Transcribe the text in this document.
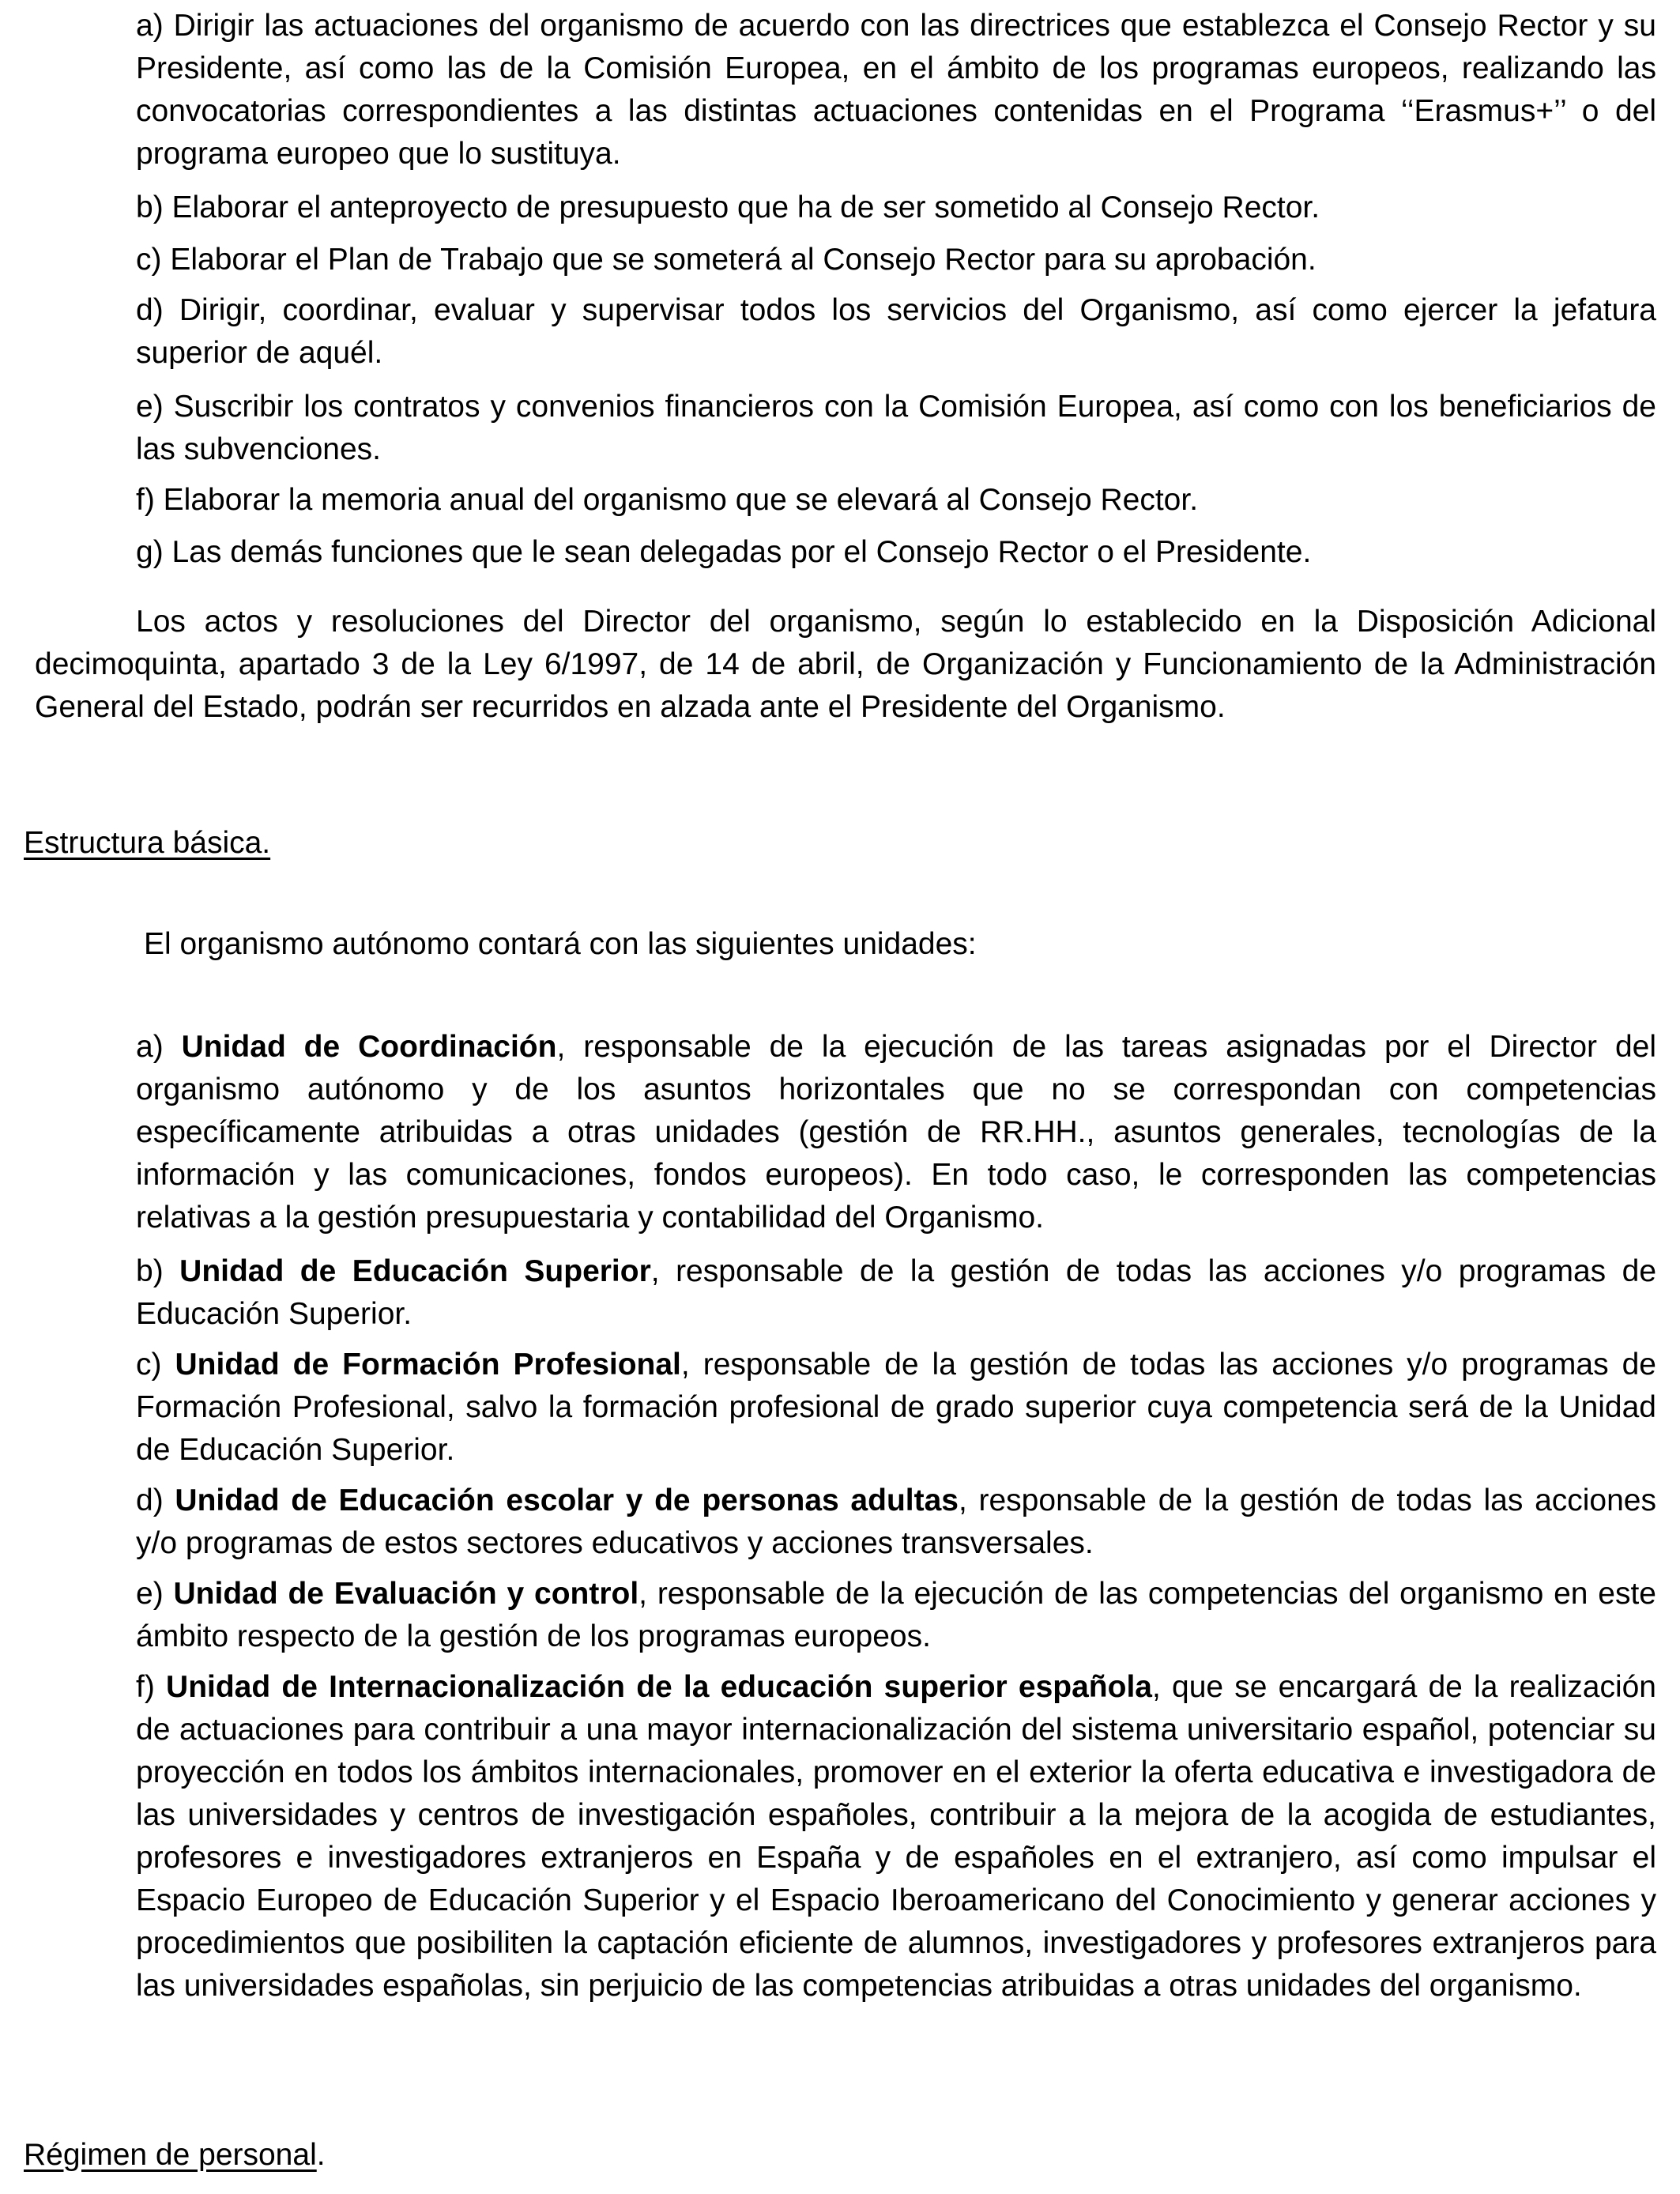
a) Dirigir las actuaciones del organismo de acuerdo con las directrices que establezca el Consejo Rector y su Presidente, así como las de la Comisión Europea, en el ámbito de los programas europeos, realizando las convocatorias correspondientes a las distintas actuaciones contenidas en el Programa ‘‘Erasmus+’’ o del programa europeo que lo sustituya.

b) Elaborar el anteproyecto de presupuesto que ha de ser sometido al Consejo Rector.

c) Elaborar el Plan de Trabajo que se someterá al Consejo Rector para su aprobación.

d) Dirigir, coordinar, evaluar y supervisar todos los servicios del Organismo, así como ejercer la jefatura superior de aquél.

e) Suscribir los contratos y convenios financieros con la Comisión Europea, así como con los beneficiarios de las subvenciones.

f) Elaborar la memoria anual del organismo que se elevará al Consejo Rector.

g) Las demás funciones que le sean delegadas por el Consejo Rector o el Presidente.

Los actos y resoluciones del Director del organismo, según lo establecido en la Disposición Adicional decimoquinta, apartado 3 de la Ley 6/1997, de 14 de abril, de Organización y Funcionamiento de la Administración General del Estado, podrán ser recurridos en alzada ante el Presidente del Organismo.

Estructura básica.

El organismo autónomo contará con las siguientes unidades:

a) Unidad de Coordinación, responsable de la ejecución de las tareas asignadas por el Director del organismo autónomo y de los asuntos horizontales que no se correspondan con competencias específicamente atribuidas a otras unidades (gestión de RR.HH., asuntos generales, tecnologías de la información y las comunicaciones, fondos europeos). En todo caso, le corresponden las competencias relativas a la gestión presupuestaria y contabilidad del Organismo.

b) Unidad de Educación Superior, responsable de la gestión de todas las acciones y/o programas de Educación Superior.

c) Unidad de Formación Profesional, responsable de la gestión de todas las acciones y/o programas de Formación Profesional, salvo la formación profesional de grado superior cuya competencia será de la Unidad de Educación Superior.

d) Unidad de Educación escolar y de personas adultas, responsable de la gestión de todas las acciones y/o programas de estos sectores educativos y acciones transversales.

e) Unidad de Evaluación y control, responsable de la ejecución de las competencias del organismo en este ámbito respecto de la gestión de los programas europeos.

f) Unidad de Internacionalización de la educación superior española, que se encargará de la realización de actuaciones para contribuir a una mayor internacionalización del sistema universitario español, potenciar su proyección en todos los ámbitos internacionales, promover en el exterior la oferta educativa e investigadora de las universidades y centros de investigación españoles, contribuir a la mejora de la acogida de estudiantes, profesores e investigadores extranjeros en España y de españoles en el extranjero, así como impulsar el Espacio Europeo de Educación Superior y el Espacio Iberoamericano del Conocimiento y generar acciones y procedimientos que posibiliten la captación eficiente de alumnos, investigadores y profesores extranjeros para las universidades españolas, sin perjuicio de las competencias atribuidas a otras unidades del organismo.

Régimen de personal.
